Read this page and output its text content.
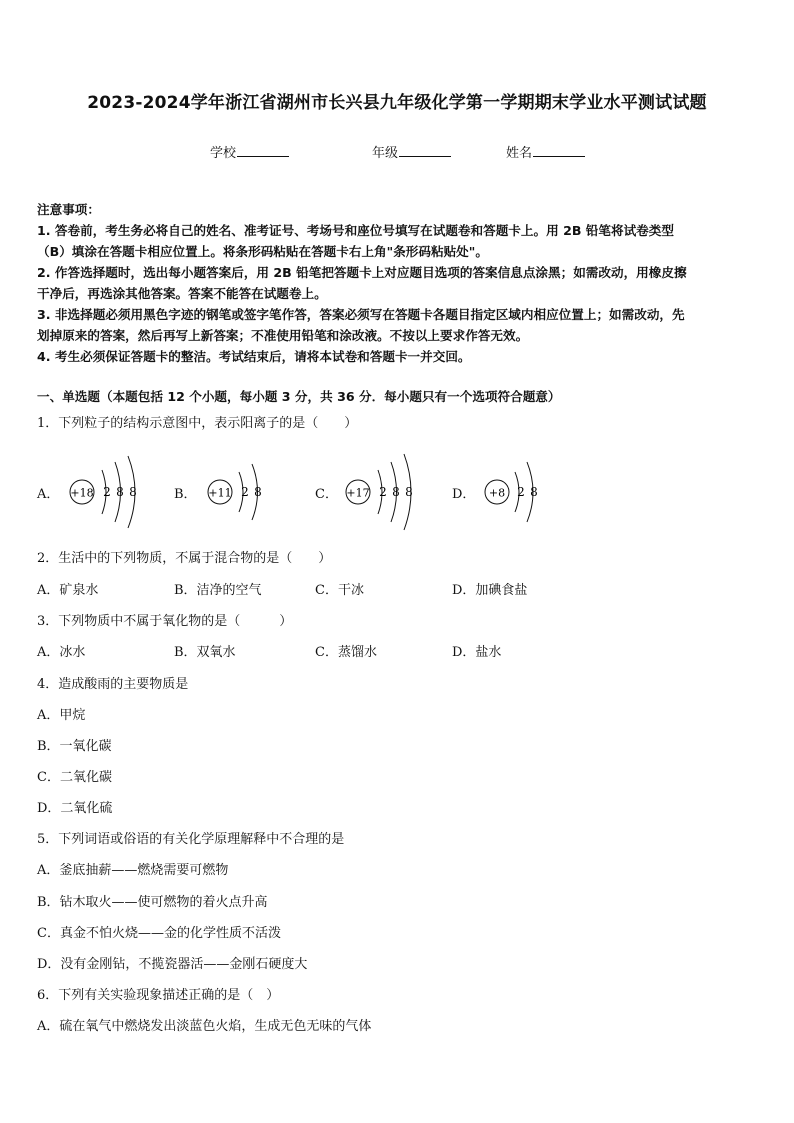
2023-2024学年浙江省湖州市长兴县九年级化学第一学期期末学业水平测试试题
学校	年级	姓名
注意事项：
1. 答卷前，考生务必将自己的姓名、准考证号、考场号和座位号填写在试题卷和答题卡上。用 2B 铅笔将试卷类型
（B）填涂在答题卡相应位置上。将条形码粘贴在答题卡右上角"条形码粘贴处"。
2. 作答选择题时，选出每小题答案后，用 2B 铅笔把答题卡上对应题目选项的答案信息点涂黑；如需改动，用橡皮擦
干净后，再选涂其他答案。答案不能答在试题卷上。
3. 非选择题必须用黑色字迹的钢笔或签字笔作答，答案必须写在答题卡各题目指定区域内相应位置上；如需改动，先
划掉原来的答案，然后再写上新答案；不准使用铅笔和涂改液。不按以上要求作答无效。
4. 考生必须保证答题卡的整洁。考试结束后，请将本试卷和答题卡一并交回。
一、单选题（本题包括 12 个小题，每小题 3 分，共 36 分．每小题只有一个选项符合题意）
1．下列粒子的结构示意图中，表示阳离子的是（　　）
A． +18 2 8 8	B． +11 2 8	C． +17 2 8 8	D． +8 2 8
2．生活中的下列物质，不属于混合物的是（　　）
A．矿泉水	B．洁净的空气	C．干冰	D．加碘食盐
3．下列物质中不属于氧化物的是（　　　）
A．冰水	B．双氧水	C．蒸馏水	D．盐水
4．造成酸雨的主要物质是
A．甲烷
B．一氧化碳
C．二氧化碳
D．二氧化硫
5．下列词语或俗语的有关化学原理解释中不合理的是
A．釜底抽薪——燃烧需要可燃物
B．钻木取火——使可燃物的着火点升高
C．真金不怕火烧——金的化学性质不活泼
D．没有金刚钻，不揽瓷器活——金刚石硬度大
6．下列有关实验现象描述正确的是（　）
A．硫在氧气中燃烧发出淡蓝色火焰，生成无色无味的气体
